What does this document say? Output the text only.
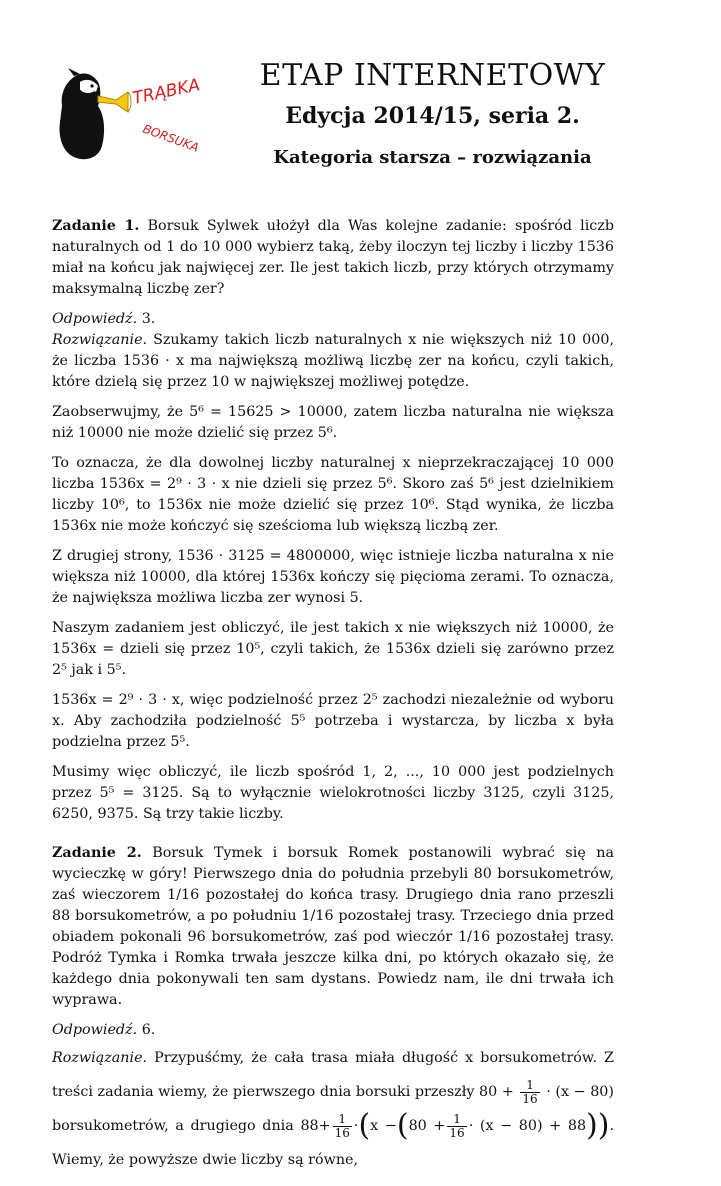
TRĄBKA
BORSUKA
ETAP INTERNETOWY
Edycja 2014/15, seria 2.
Kategoria starsza – rozwiązania

Zadanie 1. Borsuk Sylwek ułożył dla Was kolejne zadanie: spośród liczb naturalnych od 1 do 10 000 wybierz taką, żeby iloczyn tej liczby i liczby 1536 miał na końcu jak najwięcej zer. Ile jest takich liczb, przy których otrzymamy maksymalną liczbę zer?

Odpowiedź. 3.

Rozwiązanie. Szukamy takich liczb naturalnych x nie większych niż 10 000, że liczba 1536 · x ma największą możliwą liczbę zer na końcu, czyli takich, które dzielą się przez 10 w największej możliwej potędze.

Zaobserwujmy, że 5⁶ = 15625 > 10000, zatem liczba naturalna nie większa niż 10000 nie może dzielić się przez 5⁶.

To oznacza, że dla dowolnej liczby naturalnej x nieprzekraczającej 10 000 liczba 1536x = 2⁹ · 3 · x nie dzieli się przez 5⁶. Skoro zaś 5⁶ jest dzielnikiem liczby 10⁶, to 1536x nie może dzielić się przez 10⁶. Stąd wynika, że liczba 1536x nie może kończyć się sześcioma lub większą liczbą zer.

Z drugiej strony, 1536 · 3125 = 4800000, więc istnieje liczba naturalna x nie większa niż 10000, dla której 1536x kończy się pięcioma zerami. To oznacza, że największa możliwa liczba zer wynosi 5.

Naszym zadaniem jest obliczyć, ile jest takich x nie większych niż 10000, że 1536x = dzieli się przez 10⁵, czyli takich, że 1536x dzieli się zarówno przez 2⁵ jak i 5⁵.

1536x = 2⁹ · 3 · x, więc podzielność przez 2⁵ zachodzi niezależnie od wyboru x. Aby zachodziła podzielność 5⁵ potrzeba i wystarcza, by liczba x była podzielna przez 5⁵.

Musimy więc obliczyć, ile liczb spośród 1, 2, ..., 10 000 jest podzielnych przez 5⁵ = 3125. Są to wyłącznie wielokrotności liczby 3125, czyli 3125, 6250, 9375. Są trzy takie liczby.

Zadanie 2. Borsuk Tymek i borsuk Romek postanowili wybrać się na wycieczkę w góry! Pierwszego dnia do południa przebyli 80 borsukometrów, zaś wieczorem 1/16 pozostałej do końca trasy. Drugiego dnia rano przeszli 88 borsukometrów, a po południu 1/16 pozostałej trasy. Trzeciego dnia przed obiadem pokonali 96 borsukometrów, zaś pod wieczór 1/16 pozostałej trasy. Podróż Tymka i Romka trwała jeszcze kilka dni, po których okazało się, że każdego dnia pokonywali ten sam dystans. Powiedz nam, ile dni trwała ich wyprawa.

Odpowiedź. 6.

Rozwiązanie. Przypuśćmy, że cała trasa miała długość x borsukometrów. Z treści zadania wiemy, że pierwszego dnia borsuki przeszły $80 + \frac{1}{16} \cdot (x - 80)$ borsukometrów, a drugiego dnia $88+ \frac{1}{16} \cdot(x -(80 + \frac{1}{16} \cdot (x - 80) + 88))$. Wiemy, że powyższe dwie liczby są równe,
